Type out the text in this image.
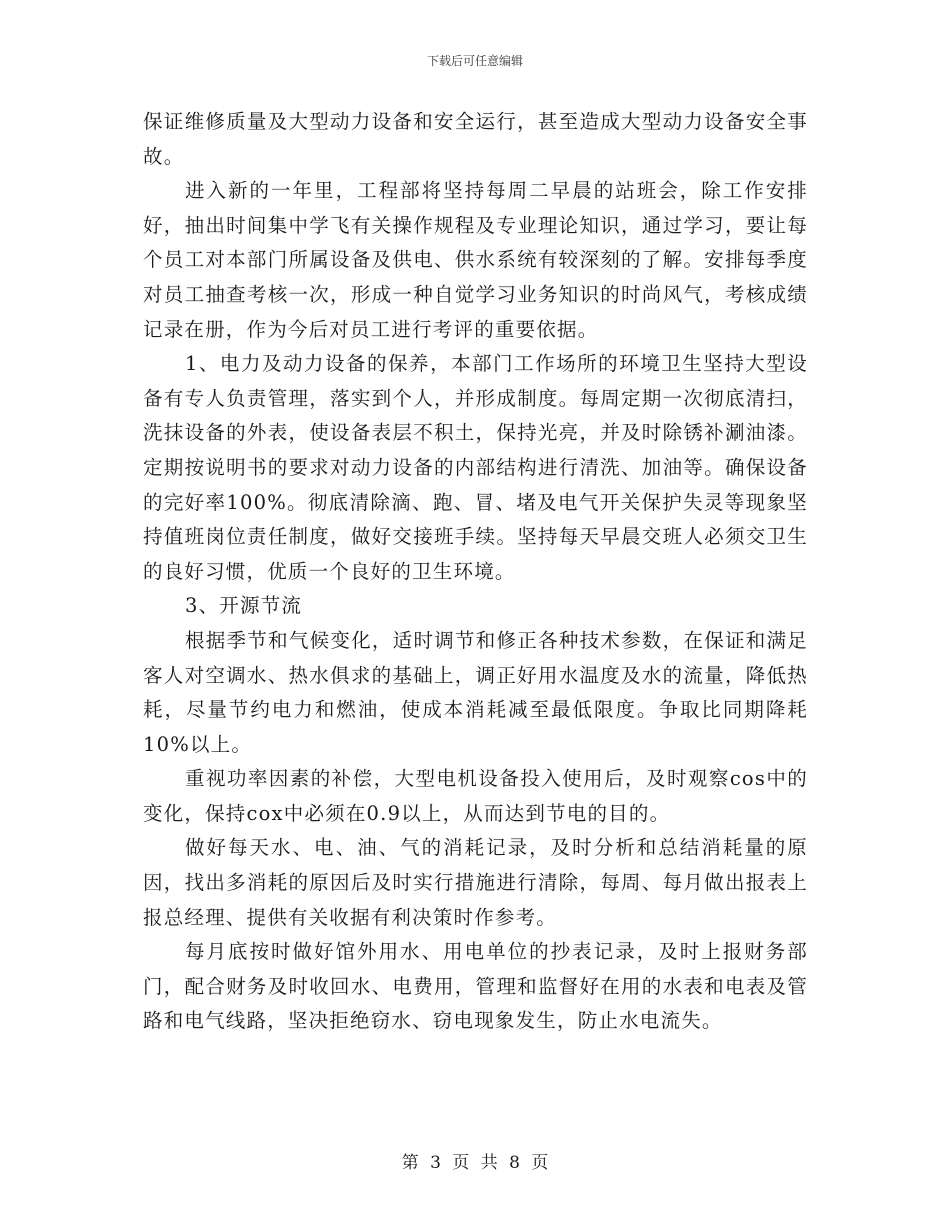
下载后可任意编辑

保证维修质量及大型动力设备和安全运行，甚至造成大型动力设备安全事故。

进入新的一年里，工程部将坚持每周二早晨的站班会，除工作安排好，抽出时间集中学飞有关操作规程及专业理论知识，通过学习，要让每个员工对本部门所属设备及供电、供水系统有较深刻的了解。安排每季度对员工抽查考核一次，形成一种自觉学习业务知识的时尚风气，考核成绩记录在册，作为今后对员工进行考评的重要依据。

1、电力及动力设备的保养，本部门工作场所的环境卫生坚持大型设备有专人负责管理，落实到个人，并形成制度。每周定期一次彻底清扫，洗抹设备的外表，使设备表层不积土，保持光亮，并及时除锈补涮油漆。定期按说明书的要求对动力设备的内部结构进行清洗、加油等。确保设备的完好率100%。彻底清除滴、跑、冒、堵及电气开关保护失灵等现象坚持值班岗位责任制度，做好交接班手续。坚持每天早晨交班人必须交卫生的良好习惯，优质一个良好的卫生环境。

3、开源节流

根据季节和气候变化，适时调节和修正各种技术参数，在保证和满足客人对空调水、热水俱求的基础上，调正好用水温度及水的流量，降低热耗，尽量节约电力和燃油，使成本消耗减至最低限度。争取比同期降耗10%以上。

重视功率因素的补偿，大型电机设备投入使用后，及时观察cos中的变化，保持cox中必须在0.9以上，从而达到节电的目的。

做好每天水、电、油、气的消耗记录，及时分析和总结消耗量的原因，找出多消耗的原因后及时实行措施进行清除，每周、每月做出报表上报总经理、提供有关收据有利决策时作参考。

每月底按时做好馆外用水、用电单位的抄表记录，及时上报财务部门，配合财务及时收回水、电费用，管理和监督好在用的水表和电表及管路和电气线路，坚决拒绝窃水、窃电现象发生，防止水电流失。

第 3 页 共 8 页
